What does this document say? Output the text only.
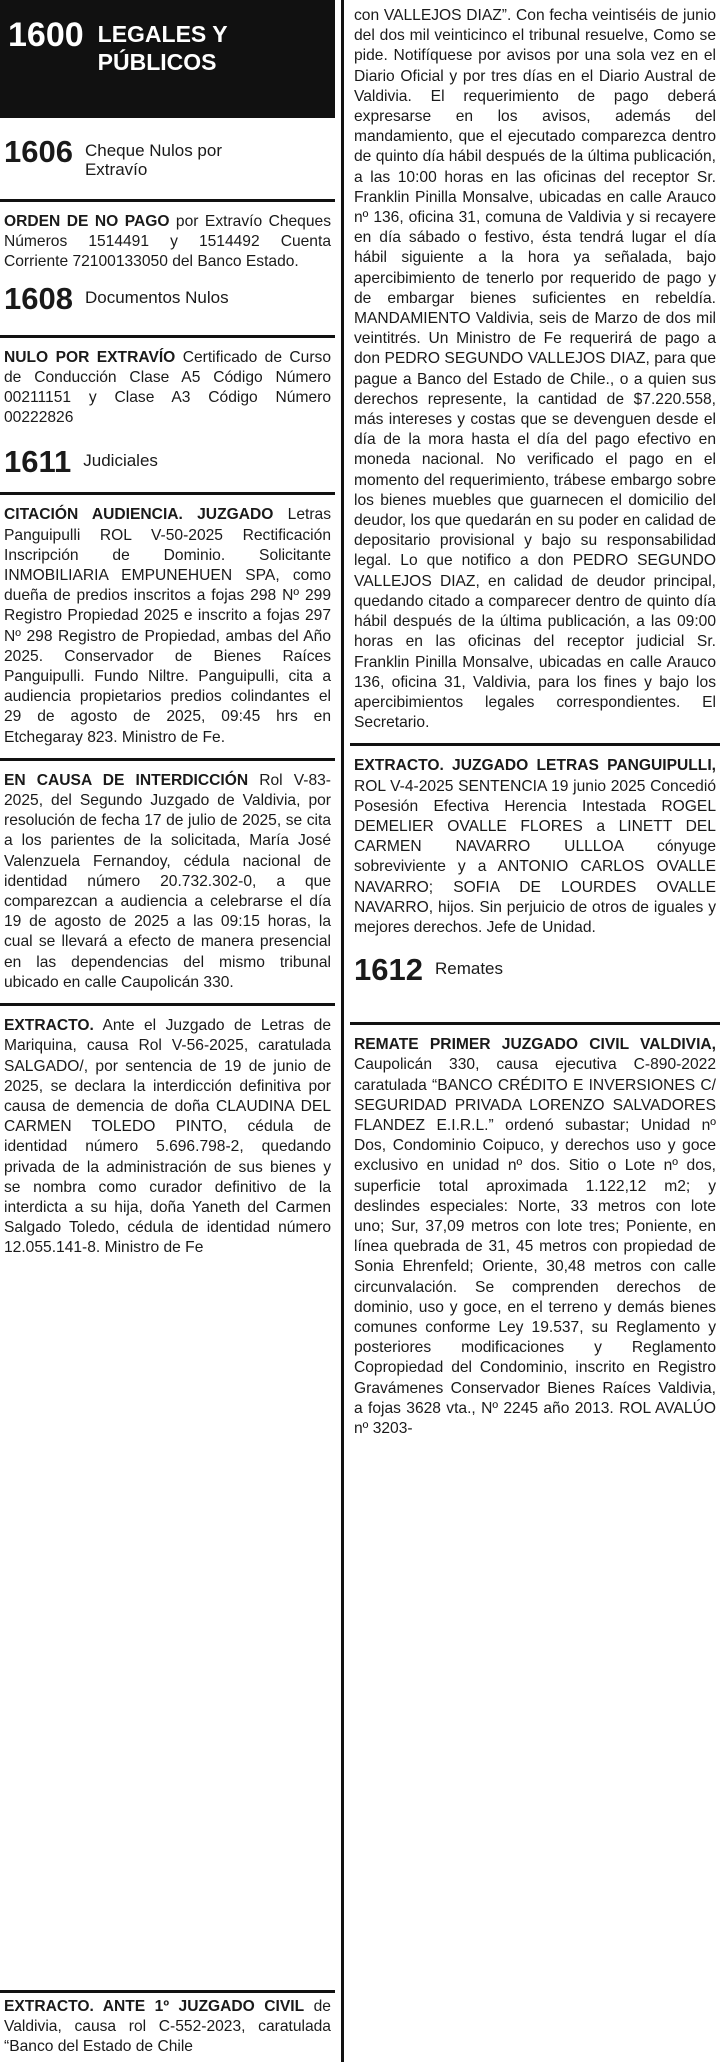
1600 LEGALES Y PÚBLICOS
1606 Cheque Nulos por Extravío

ORDEN DE NO PAGO por Extravío Cheques Números 1514491 y 1514492 Cuenta Corriente 72100133050 del Banco Estado.

1608 Documentos Nulos

NULO POR EXTRAVÍO Certificado de Curso de Conducción Clase A5 Código Número 00211151 y Clase A3 Código Número 00222826

1611 Judiciales

CITACIÓN AUDIENCIA. JUZGADO Letras Panguipulli ROL V-50-2025 Rectificación Inscripción de Dominio. Solicitante INMOBILIARIA EMPUNEHUEN SPA, como dueña de predios inscritos a fojas 298 Nº 299 Registro Propiedad 2025 e inscrito a fojas 297 Nº 298 Registro de Propiedad, ambas del Año 2025. Conservador de Bienes Raíces Panguipulli. Fundo Niltre. Panguipulli, cita a audiencia propietarios predios colindantes el 29 de agosto de 2025, 09:45 hrs en Etchegaray 823. Ministro de Fe.

EN CAUSA DE INTERDICCIÓN Rol V-83-2025, del Segundo Juzgado de Valdivia, por resolución de fecha 17 de julio de 2025, se cita a los parientes de la solicitada, María José Valenzuela Fernandoy, cédula nacional de identidad número 20.732.302-0, a que comparezcan a audiencia a celebrarse el día 19 de agosto de 2025 a las 09:15 horas, la cual se llevará a efecto de manera presencial en las dependencias del mismo tribunal ubicado en calle Caupolicán 330.

EXTRACTO. Ante el Juzgado de Letras de Mariquina, causa Rol V-56-2025, caratulada SALGADO/, por sentencia de 19 de junio de 2025, se declara la interdicción definitiva por causa de demencia de doña CLAUDINA DEL CARMEN TOLEDO PINTO, cédula de identidad número 5.696.798-2, quedando privada de la administración de sus bienes y se nombra como curador definitivo de la interdicta a su hija, doña Yaneth del Carmen Salgado Toledo, cédula de identidad número 12.055.141-8. Ministro de Fe

EXTRACTO. ANTE 1º JUZGADO CIVIL de Valdivia, causa rol C-552-2023, caratulada “Banco del Estado de Chile

con VALLEJOS DIAZ”. Con fecha veintiséis de junio del dos mil veinticinco el tribunal resuelve, Como se pide. Notifíquese por avisos por una sola vez en el Diario Oficial y por tres días en el Diario Austral de Valdivia. El requerimiento de pago deberá expresarse en los avisos, además del mandamiento, que el ejecutado comparezca dentro de quinto día hábil después de la última publicación, a las 10:00 horas en las oficinas del receptor Sr. Franklin Pinilla Monsalve, ubicadas en calle Arauco nº 136, oficina 31, comuna de Valdivia y si recayere en día sábado o festivo, ésta tendrá lugar el día hábil siguiente a la hora ya señalada, bajo apercibimiento de tenerlo por requerido de pago y de embargar bienes suficientes en rebeldía. MANDAMIENTO Valdivia, seis de Marzo de dos mil veintitrés. Un Ministro de Fe requerirá de pago a don PEDRO SEGUNDO VALLEJOS DIAZ, para que pague a Banco del Estado de Chile., o a quien sus derechos represente, la cantidad de $7.220.558, más intereses y costas que se devenguen desde el día de la mora hasta el día del pago efectivo en moneda nacional. No verificado el pago en el momento del requerimiento, trábese embargo sobre los bienes muebles que guarnecen el domicilio del deudor, los que quedarán en su poder en calidad de depositario provisional y bajo su responsabilidad legal. Lo que notifico a don PEDRO SEGUNDO VALLEJOS DIAZ, en calidad de deudor principal, quedando citado a comparecer dentro de quinto día hábil después de la última publicación, a las 09:00 horas en las oficinas del receptor judicial Sr. Franklin Pinilla Monsalve, ubicadas en calle Arauco 136, oficina 31, Valdivia, para los fines y bajo los apercibimientos legales correspondientes. El Secretario.

EXTRACTO. JUZGADO LETRAS PANGUIPULLI, ROL V-4-2025 SENTENCIA 19 junio 2025 Concedió Posesión Efectiva Herencia Intestada ROGEL DEMELIER OVALLE FLORES a LINETT DEL CARMEN NAVARRO ULLLOA cónyuge sobreviviente y a ANTONIO CARLOS OVALLE NAVARRO; SOFIA DE LOURDES OVALLE NAVARRO, hijos. Sin perjuicio de otros de iguales y mejores derechos. Jefe de Unidad.

1612 Remates

REMATE PRIMER JUZGADO CIVIL VALDIVIA, Caupolicán 330, causa ejecutiva C-890-2022 caratulada “BANCO CRÉDITO E INVERSIONES C/ SEGURIDAD PRIVADA LORENZO SALVADORES FLANDEZ E.I.R.L.” ordenó subastar; Unidad nº Dos, Condominio Coipuco, y derechos uso y goce exclusivo en unidad nº dos. Sitio o Lote nº dos, superficie total aproximada 1.122,12 m2; y deslindes especiales: Norte, 33 metros con lote uno; Sur, 37,09 metros con lote tres; Poniente, en línea quebrada de 31, 45 metros con propiedad de Sonia Ehrenfeld; Oriente, 30,48 metros con calle circunvalación. Se comprenden derechos de dominio, uso y goce, en el terreno y demás bienes comunes conforme Ley 19.537, su Reglamento y posteriores modificaciones y Reglamento Copropiedad del Condominio, inscrito en Registro Gravámenes Conservador Bienes Raíces Valdivia, a fojas 3628 vta., Nº 2245 año 2013. ROL AVALÚO nº 3203-
